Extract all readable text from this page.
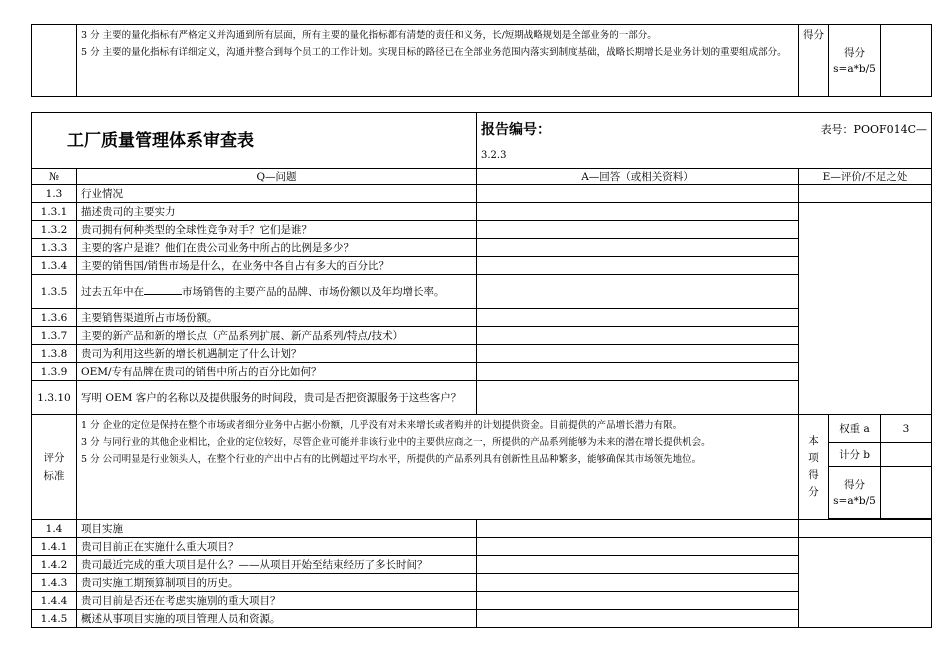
3 分 主要的量化指标有严格定义并沟通到所有层面，所有主要的量化指标都有清楚的责任和义务，长/短期战略规划是全部业务的一部分。
5 分 主要的量化指标有详细定义，沟通并整合到每个员工的工作计划。实现目标的路径已在全部业务范围内落实到制度基础，战略长期增长是业务计划的重要组成部分。
	得分	
得分
s=a*b/5

工厂质量管理体系审查表		表号：POOF014C—
报告编号：
3.2.3			

№	Q—问题	A—回答（或相关资料）	E—评价/不足之处		
1.3	行业情况				
1.3.1	描述贵司的主要实力				
1.3.2	贵司拥有何种类型的全球性竞争对手？它们是谁？				
1.3.3	主要的客户是谁？他们在贵公司业务中所占的比例是多少？				
1.3.4	主要的销售国/销售市场是什么，在业务中各自占有多大的百分比？				
1.3.5	过去五年中在 市场销售的主要产品的品牌、市场份额以及年均增长率。				
1.3.6	主要销售渠道所占市场份额。				
1.3.7	主要的新产品和新的增长点（产品系列扩展、新产品系列/特点/技术）				
1.3.8	贵司为利用这些新的增长机遇制定了什么计划？				
1.3.9	OEM/专有品牌在贵司的销售中所占的百分比如何？				
1.3.10	写明 OEM 客户的名称以及提供服务的时间段，贵司是否把资源服务于这些客户？				
评分标准	1 分 企业的定位是保持在整个市场或者细分业务中占据小份额，几乎没有对未来增长或者购并的计划提供资金。目前提供的产品增长潜力有限。
3 分 与同行业的其他企业相比，企业的定位较好，尽管企业可能并非该行业中的主要供应商之一，所提供的产品系列能够为未来的潜在增长提供机会。
5 分 公司明显是行业领头人，在整个行业的产出中占有的比例超过平均水平，所提供的产品系列具有创新性且品种繁多，能够确保其市场领先地位。		本项得分	权重 a	3
				计分 b	

				得分
s=a*b/5	

1.4	项目实施				
1.4.1	贵司目前正在实施什么重大项目？				
1.4.2	贵司最近完成的重大项目是什么？——从项目开始至结束经历了多长时间？				
1.4.3	贵司实施工期预算制项目的历史。				
1.4.4	贵司目前是否还在考虑实施别的重大项目？				
1.4.5	概述从事项目实施的项目管理人员和资源。				
